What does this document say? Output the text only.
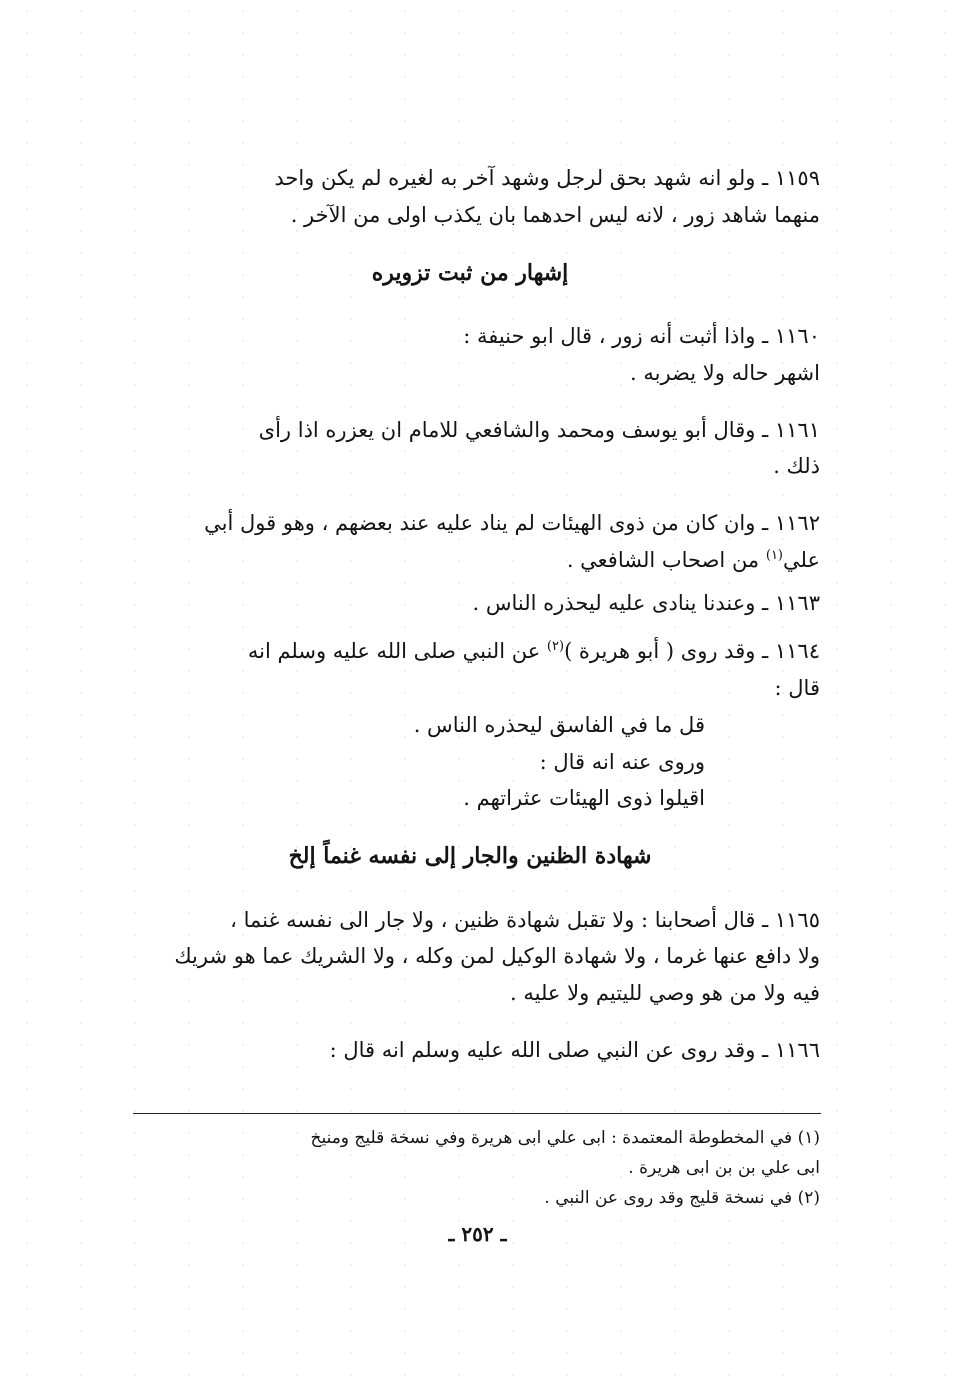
١١٥٩ ـ ولو انه شهد بحق لرجل وشهد آخر به لغيره لم يكن واحد

منهما شاهد زور ، لانه ليس احدهما بان يكذب اولى من الآخر .

إشهار من ثبت تزويره

١١٦٠ ـ واذا أثبت أنه زور ، قال ابو حنيفة :

اشهر حاله ولا يضربه .

١١٦١ ـ وقال أبو يوسف ومحمد والشافعي للامام ان يعزره اذا رأى

ذلك .

١١٦٢ ـ وان كان من ذوى الهيئات لم يناد عليه عند بعضهم ، وهو قول أبي

علي$^{(١)}$ من اصحاب الشافعي .

١١٦٣ ـ وعندنا ينادى عليه ليحذره الناس .

١١٦٤ ـ وقد روى ( أبو هريرة )$^{(٢)}$ عن النبي صلى الله عليه وسلم انه

قال :

قل ما في الفاسق ليحذره الناس .

وروى عنه انه قال :

اقيلوا ذوى الهيئات عثراتهم .

شهادة الظنين والجار إلى نفسه غنماً إلخ

١١٦٥ ـ قال أصحابنا : ولا تقبل شهادة ظنين ، ولا جار الى نفسه غنما ،

ولا دافع عنها غرما ، ولا شهادة الوكيل لمن وكله ، ولا الشريك عما هو شريك

فيه ولا من هو وصي لليتيم ولا عليه .

١١٦٦ ـ وقد روى عن النبي صلى الله عليه وسلم انه قال :

(١) في المخطوطة المعتمدة : ابى علي ابى هريرة وفي نسخة قليج ومنيخ

ابى علي بن بن ابى هريرة .

(٢) في نسخة قليج وقد روى عن النبي .

ـ ٢٥٢ ـ
